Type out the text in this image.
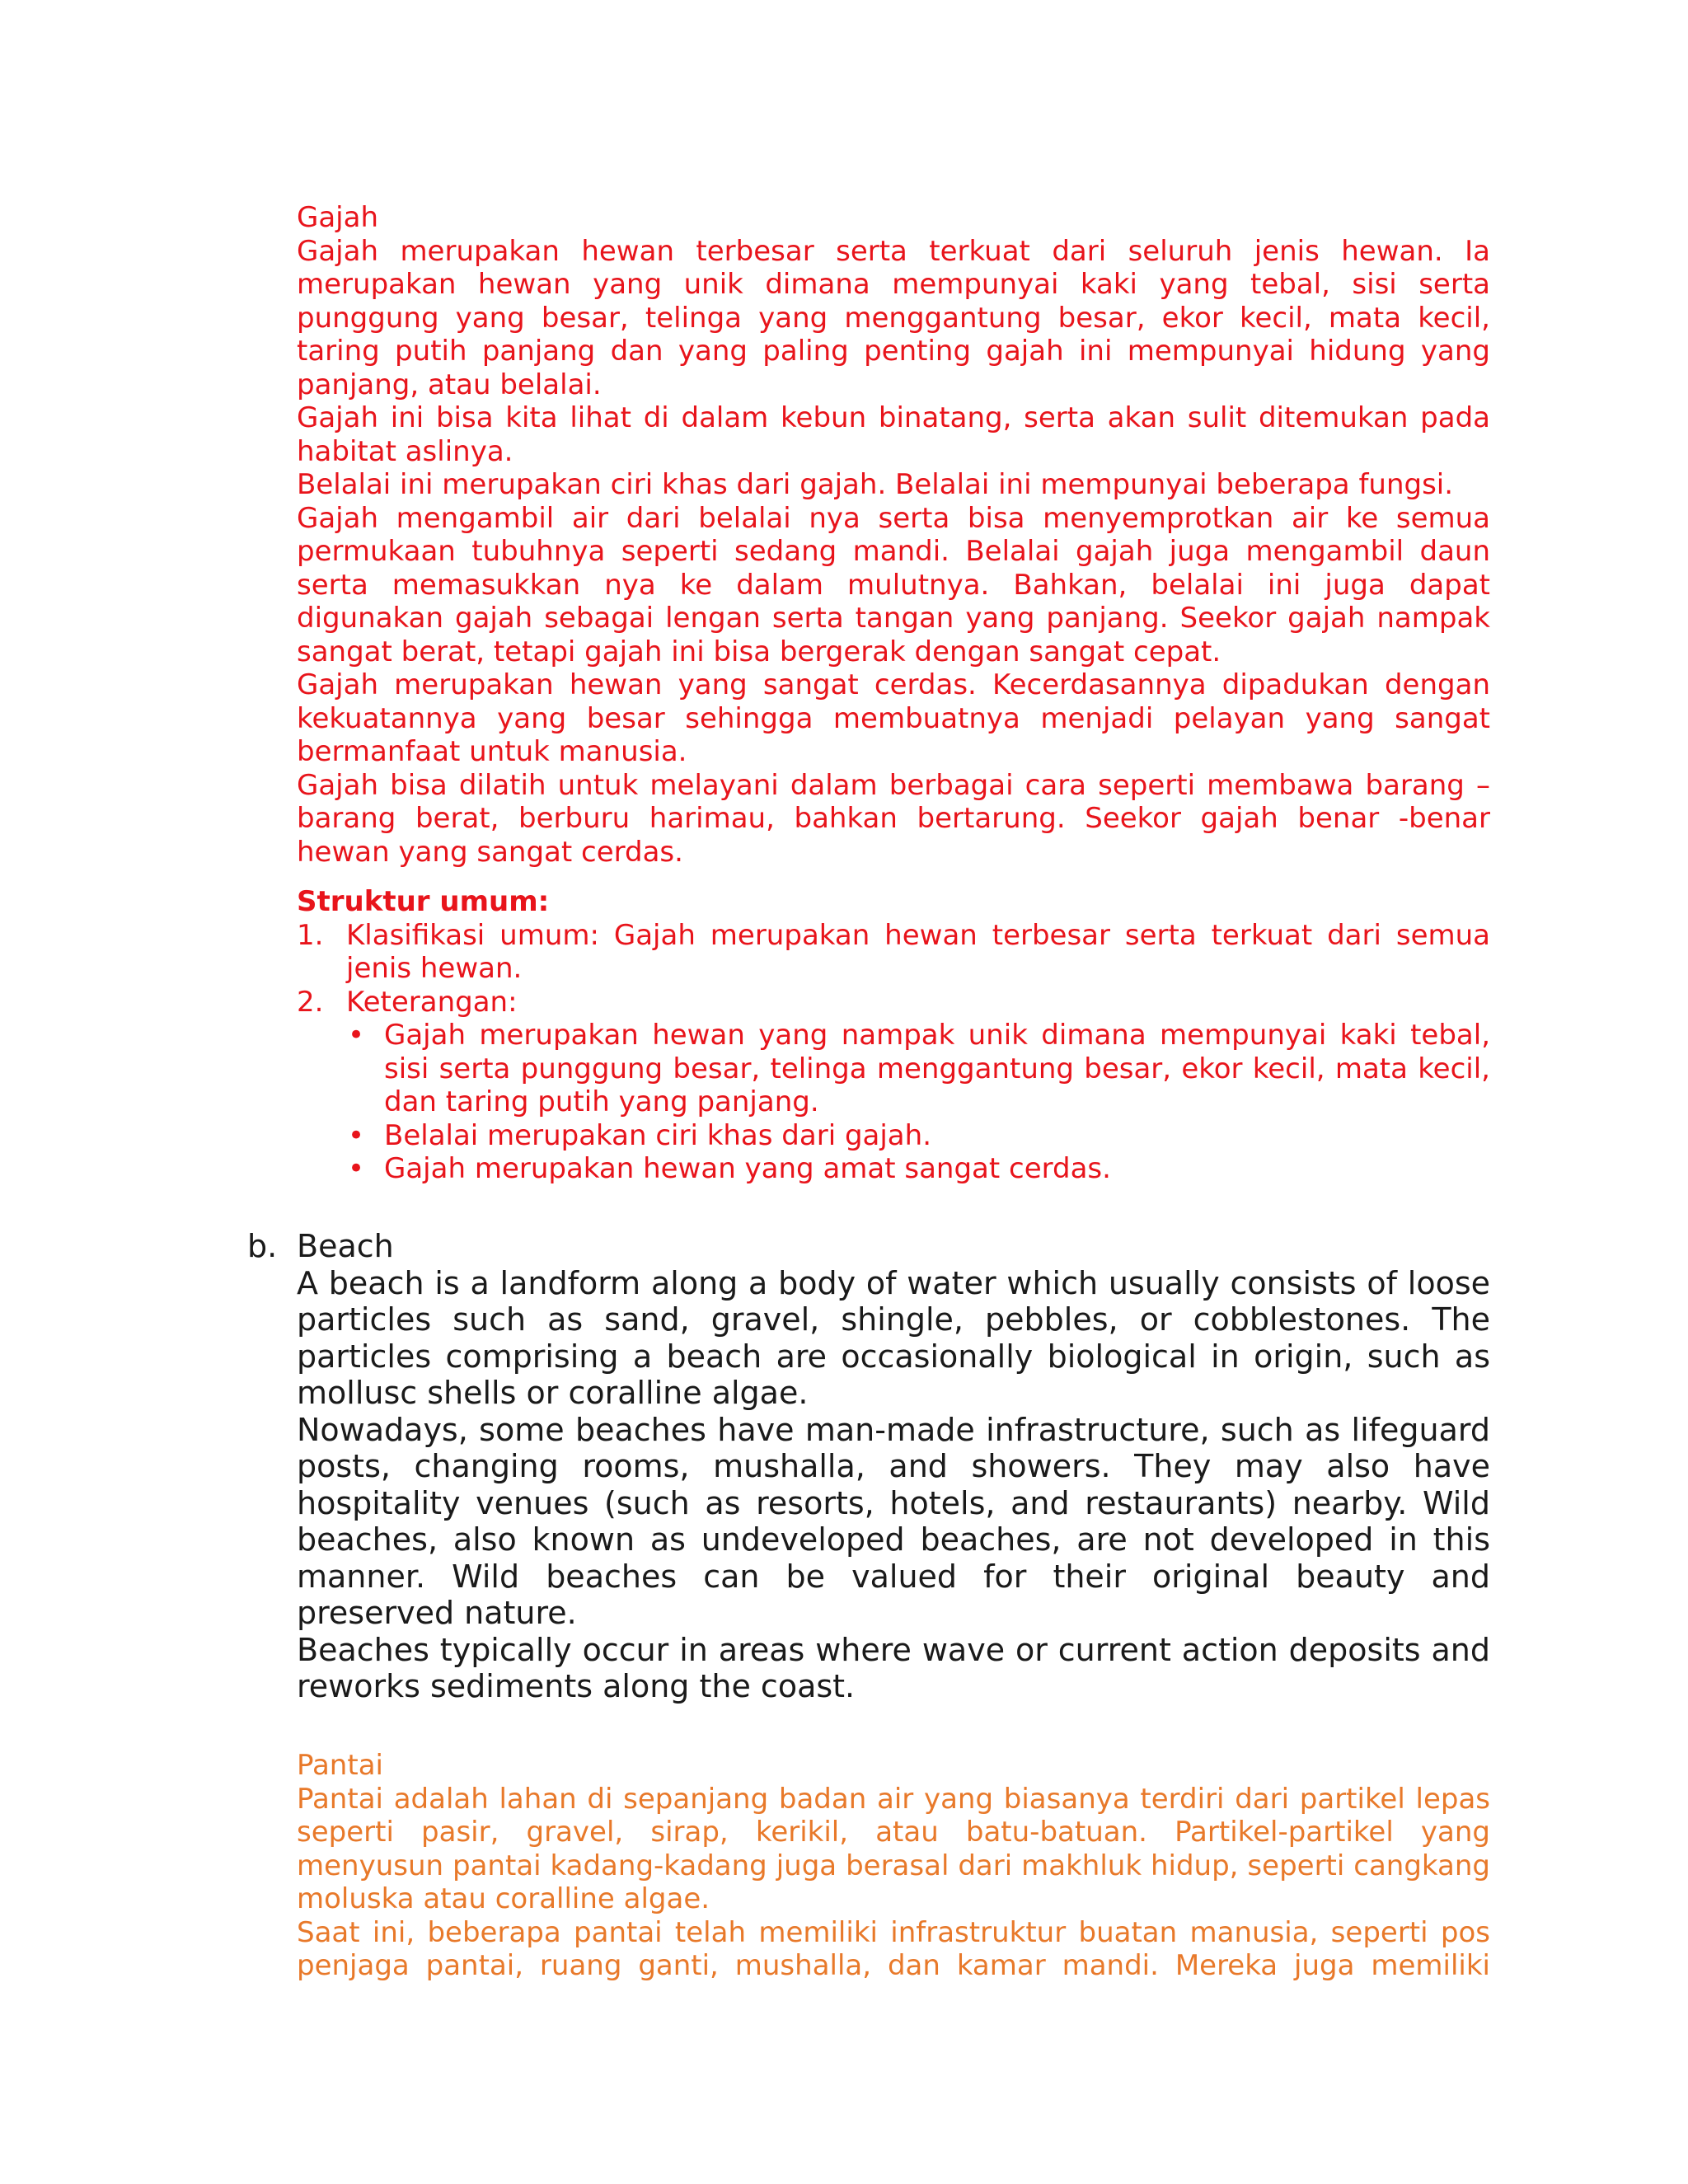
Gajah

Gajah merupakan hewan terbesar serta terkuat dari seluruh jenis hewan. Ia merupakan hewan yang unik dimana mempunyai kaki yang tebal, sisi serta punggung yang besar, telinga yang menggantung besar, ekor kecil, mata kecil, taring putih panjang dan yang paling penting gajah ini mempunyai hidung yang panjang, atau belalai.

Gajah ini bisa kita lihat di dalam kebun binatang, serta akan sulit ditemukan pada habitat aslinya.

Belalai ini merupakan ciri khas dari gajah. Belalai ini mempunyai beberapa fungsi.

Gajah mengambil air dari belalai nya serta bisa menyemprotkan air ke semua permukaan tubuhnya seperti sedang mandi. Belalai gajah juga mengambil daun serta memasukkan nya ke dalam mulutnya. Bahkan, belalai ini juga dapat digunakan gajah sebagai lengan serta tangan yang panjang. Seekor gajah nampak sangat berat, tetapi gajah ini bisa bergerak dengan sangat cepat.

Gajah merupakan hewan yang sangat cerdas. Kecerdasannya dipadukan dengan kekuatannya yang besar sehingga membuatnya menjadi pelayan yang sangat bermanfaat untuk manusia.

Gajah bisa dilatih untuk melayani dalam berbagai cara seperti membawa barang – barang berat, berburu harimau, bahkan bertarung. Seekor gajah benar -benar hewan yang sangat cerdas.

Struktur umum:

1. Klasifikasi umum: Gajah merupakan hewan terbesar serta terkuat dari semua jenis hewan.
2. Keterangan:
• Gajah merupakan hewan yang nampak unik dimana mempunyai kaki tebal, sisi serta punggung besar, telinga menggantung besar, ekor kecil, mata kecil, dan taring putih yang panjang.
• Belalai merupakan ciri khas dari gajah.
• Gajah merupakan hewan yang amat sangat cerdas.

b. Beach

A beach is a landform along a body of water which usually consists of loose particles such as sand, gravel, shingle, pebbles, or cobblestones. The particles comprising a beach are occasionally biological in origin, such as mollusc shells or coralline algae.

Nowadays, some beaches have man-made infrastructure, such as lifeguard posts, changing rooms, mushalla, and showers. They may also have hospitality venues (such as resorts, hotels, and restaurants) nearby. Wild beaches, also known as undeveloped beaches, are not developed in this manner. Wild beaches can be valued for their original beauty and preserved nature.

Beaches typically occur in areas where wave or current action deposits and reworks sediments along the coast.

Pantai

Pantai adalah lahan di sepanjang badan air yang biasanya terdiri dari partikel lepas seperti pasir, gravel, sirap, kerikil, atau batu-batuan. Partikel-partikel yang menyusun pantai kadang-kadang juga berasal dari makhluk hidup, seperti cangkang moluska atau coralline algae.

Saat ini, beberapa pantai telah memiliki infrastruktur buatan manusia, seperti pos penjaga pantai, ruang ganti, mushalla, dan kamar mandi. Mereka juga memiliki
